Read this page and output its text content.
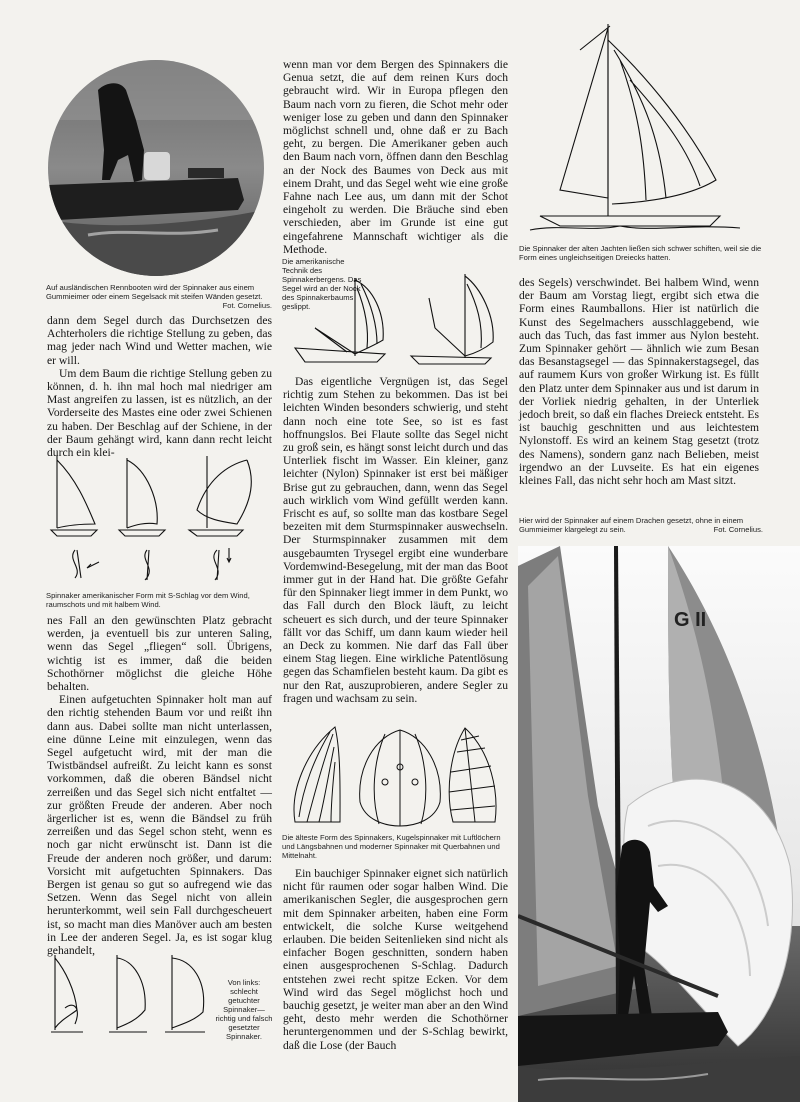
Auf ausländischen Rennbooten wird der Spinnaker aus einem Gummieimer oder einem Segelsack mit steifen Wänden gesetzt.
Fot. Cornelius.

dann dem Segel durch das Durchsetzen des Achterholers die richtige Stellung zu geben, das mag jeder nach Wind und Wetter machen, wie er will.

Um dem Baum die richtige Stellung geben zu können, d. h. ihn mal hoch mal niedriger am Mast angreifen zu lassen, ist es nützlich, an der Vorderseite des Mastes eine oder zwei Schienen zu haben. Der Beschlag auf der Schiene, in der der Baum gehängt wird, kann dann recht leicht durch ein klei-

Spinnaker amerikanischer Form mit S-Schlag vor dem Wind, raumschots und mit halbem Wind.

nes Fall an den gewünschten Platz gebracht werden, ja eventuell bis zur unteren Saling, wenn das Segel „fliegen“ soll. Übrigens, wichtig ist es immer, daß die beiden Schothörner möglichst die gleiche Höhe behalten.

Einen aufgetuchten Spinnaker holt man auf den richtig stehenden Baum vor und reißt ihn dann aus. Dabei sollte man nicht unterlassen, eine dünne Leine mit einzulegen, wenn das Segel aufgetucht wird, mit der man die Twistbändsel aufreißt. Zu leicht kann es sonst vorkommen, daß die oberen Bändsel nicht zerreißen und das Segel sich nicht entfaltet — zur größten Freude der anderen. Aber noch ärgerlicher ist es, wenn die Bändsel zu früh zerreißen und das Segel schon steht, wenn es noch gar nicht erwünscht ist. Dann ist die Freude der anderen noch größer, und darum: Vorsicht mit aufgetuchten Spinnakers. Das Bergen ist genau so gut so aufregend wie das Setzen. Wenn das Segel nicht von allein herunterkommt, weil sein Fall durchgescheuert ist, so macht man dies Manöver auch am besten in Lee der anderen Segel. Ja, es ist sogar klug gehandelt,

Von links: schlecht getuchter Spinnaker— richtig und falsch gesetzter Spinnaker.

wenn man vor dem Bergen des Spinnakers die Genua setzt, die auf dem reinen Kurs doch gebraucht wird. Wir in Europa pflegen den Baum nach vorn zu fieren, die Schot mehr oder weniger lose zu geben und dann den Spinnaker möglichst schnell und, ohne daß er zu Bach geht, zu bergen. Die Amerikaner geben auch den Baum nach vorn, öffnen dann den Beschlag an der Nock des Baumes von Deck aus mit einem Draht, und das Segel weht wie eine große Fahne nach Lee aus, um dann mit der Schot eingeholt zu werden. Die Bräuche sind eben verschieden, aber im Grunde ist eine gut eingefahrene Mannschaft wichtiger als die Methode.

Die amerikanische Technik des Spinnakerbergens. Das Segel wird an der Nock des Spinnakerbaums geslippt.

Das eigentliche Vergnügen ist, das Segel richtig zum Stehen zu bekommen. Das ist bei leichten Winden besonders schwierig, und steht dann noch eine tote See, so ist es fast hoffnungslos. Bei Flaute sollte das Segel nicht zu groß sein, es hängt sonst leicht durch und das Unterliek fischt im Wasser. Ein kleiner, ganz leichter (Nylon) Spinnaker ist erst bei mäßiger Brise gut zu gebrauchen, dann, wenn das Segel auch wirklich vom Wind gefüllt werden kann. Frischt es auf, so sollte man das kostbare Segel bezeiten mit dem Sturmspinnaker auswechseln. Der Sturmspinnaker zusammen mit dem ausgebaumten Trysegel ergibt eine wunderbare Vordemwind-Besegelung, mit der man das Boot immer gut in der Hand hat. Die größte Gefahr für den Spinnaker liegt immer in dem Punkt, wo das Fall durch den Block läuft, zu leicht scheuert es sich durch, und der teure Spinnaker fällt vor das Schiff, um dann kaum wieder heil an Deck zu kommen. Nie darf das Fall über einem Stag liegen. Eine wirkliche Patentlösung gegen das Schamfielen besteht kaum. Da gibt es nur den Rat, auszuprobieren, andere Segler zu fragen und wachsam zu sein.

Die älteste Form des Spinnakers, Kugelspinnaker mit Luftlöchern und Längsbahnen und moderner Spinnaker mit Querbahnen und Mittelnaht.

Ein bauchiger Spinnaker eignet sich natürlich nicht für raumen oder sogar halben Wind. Die amerikanischen Segler, die ausgesprochen gern mit dem Spinnaker arbeiten, haben eine Form entwickelt, die solche Kurse weitgehend erlauben. Die beiden Seitenlieken sind nicht als einfacher Bogen geschnitten, sondern haben einen ausgesprochenen S-Schlag. Dadurch entstehen zwei recht spitze Ecken. Vor dem Wind wird das Segel möglichst hoch und bauchig gesetzt, je weiter man aber an den Wind geht, desto mehr werden die Schothörner heruntergenommen und der S-Schlag bewirkt, daß die Lose (der Bauch

Die Spinnaker der alten Jachten ließen sich schwer schiften, weil sie die Form eines ungleichseitigen Dreiecks hatten.

des Segels) verschwindet. Bei halbem Wind, wenn der Baum am Vorstag liegt, ergibt sich etwa die Form eines Raumballons. Hier ist natürlich die Kunst des Segelmachers ausschlaggebend, wie auch das Tuch, das fast immer aus Nylon besteht. Zum Spinnaker gehört — ähnlich wie zum Besan das Besanstagsegel — das Spinnakerstagsegel, das auf raumem Kurs von großer Wirkung ist. Es füllt den Platz unter dem Spinnaker aus und ist darum in der Vorliek niedrig gehalten, in der Unterliek jedoch breit, so daß ein flaches Dreieck entsteht. Es ist bauchig geschnitten und aus leichtestem Nylonstoff. Es wird an keinem Stag gesetzt (trotz des Namens), sondern ganz nach Belieben, meist irgendwo an der Luvseite. Es hat ein eigenes kleines Fall, das nicht sehr hoch am Mast sitzt.

Hier wird der Spinnaker auf einem Drachen gesetzt, ohne in einem Gummieimer klargelegt zu sein.	Fot. Cornelius.
G II
